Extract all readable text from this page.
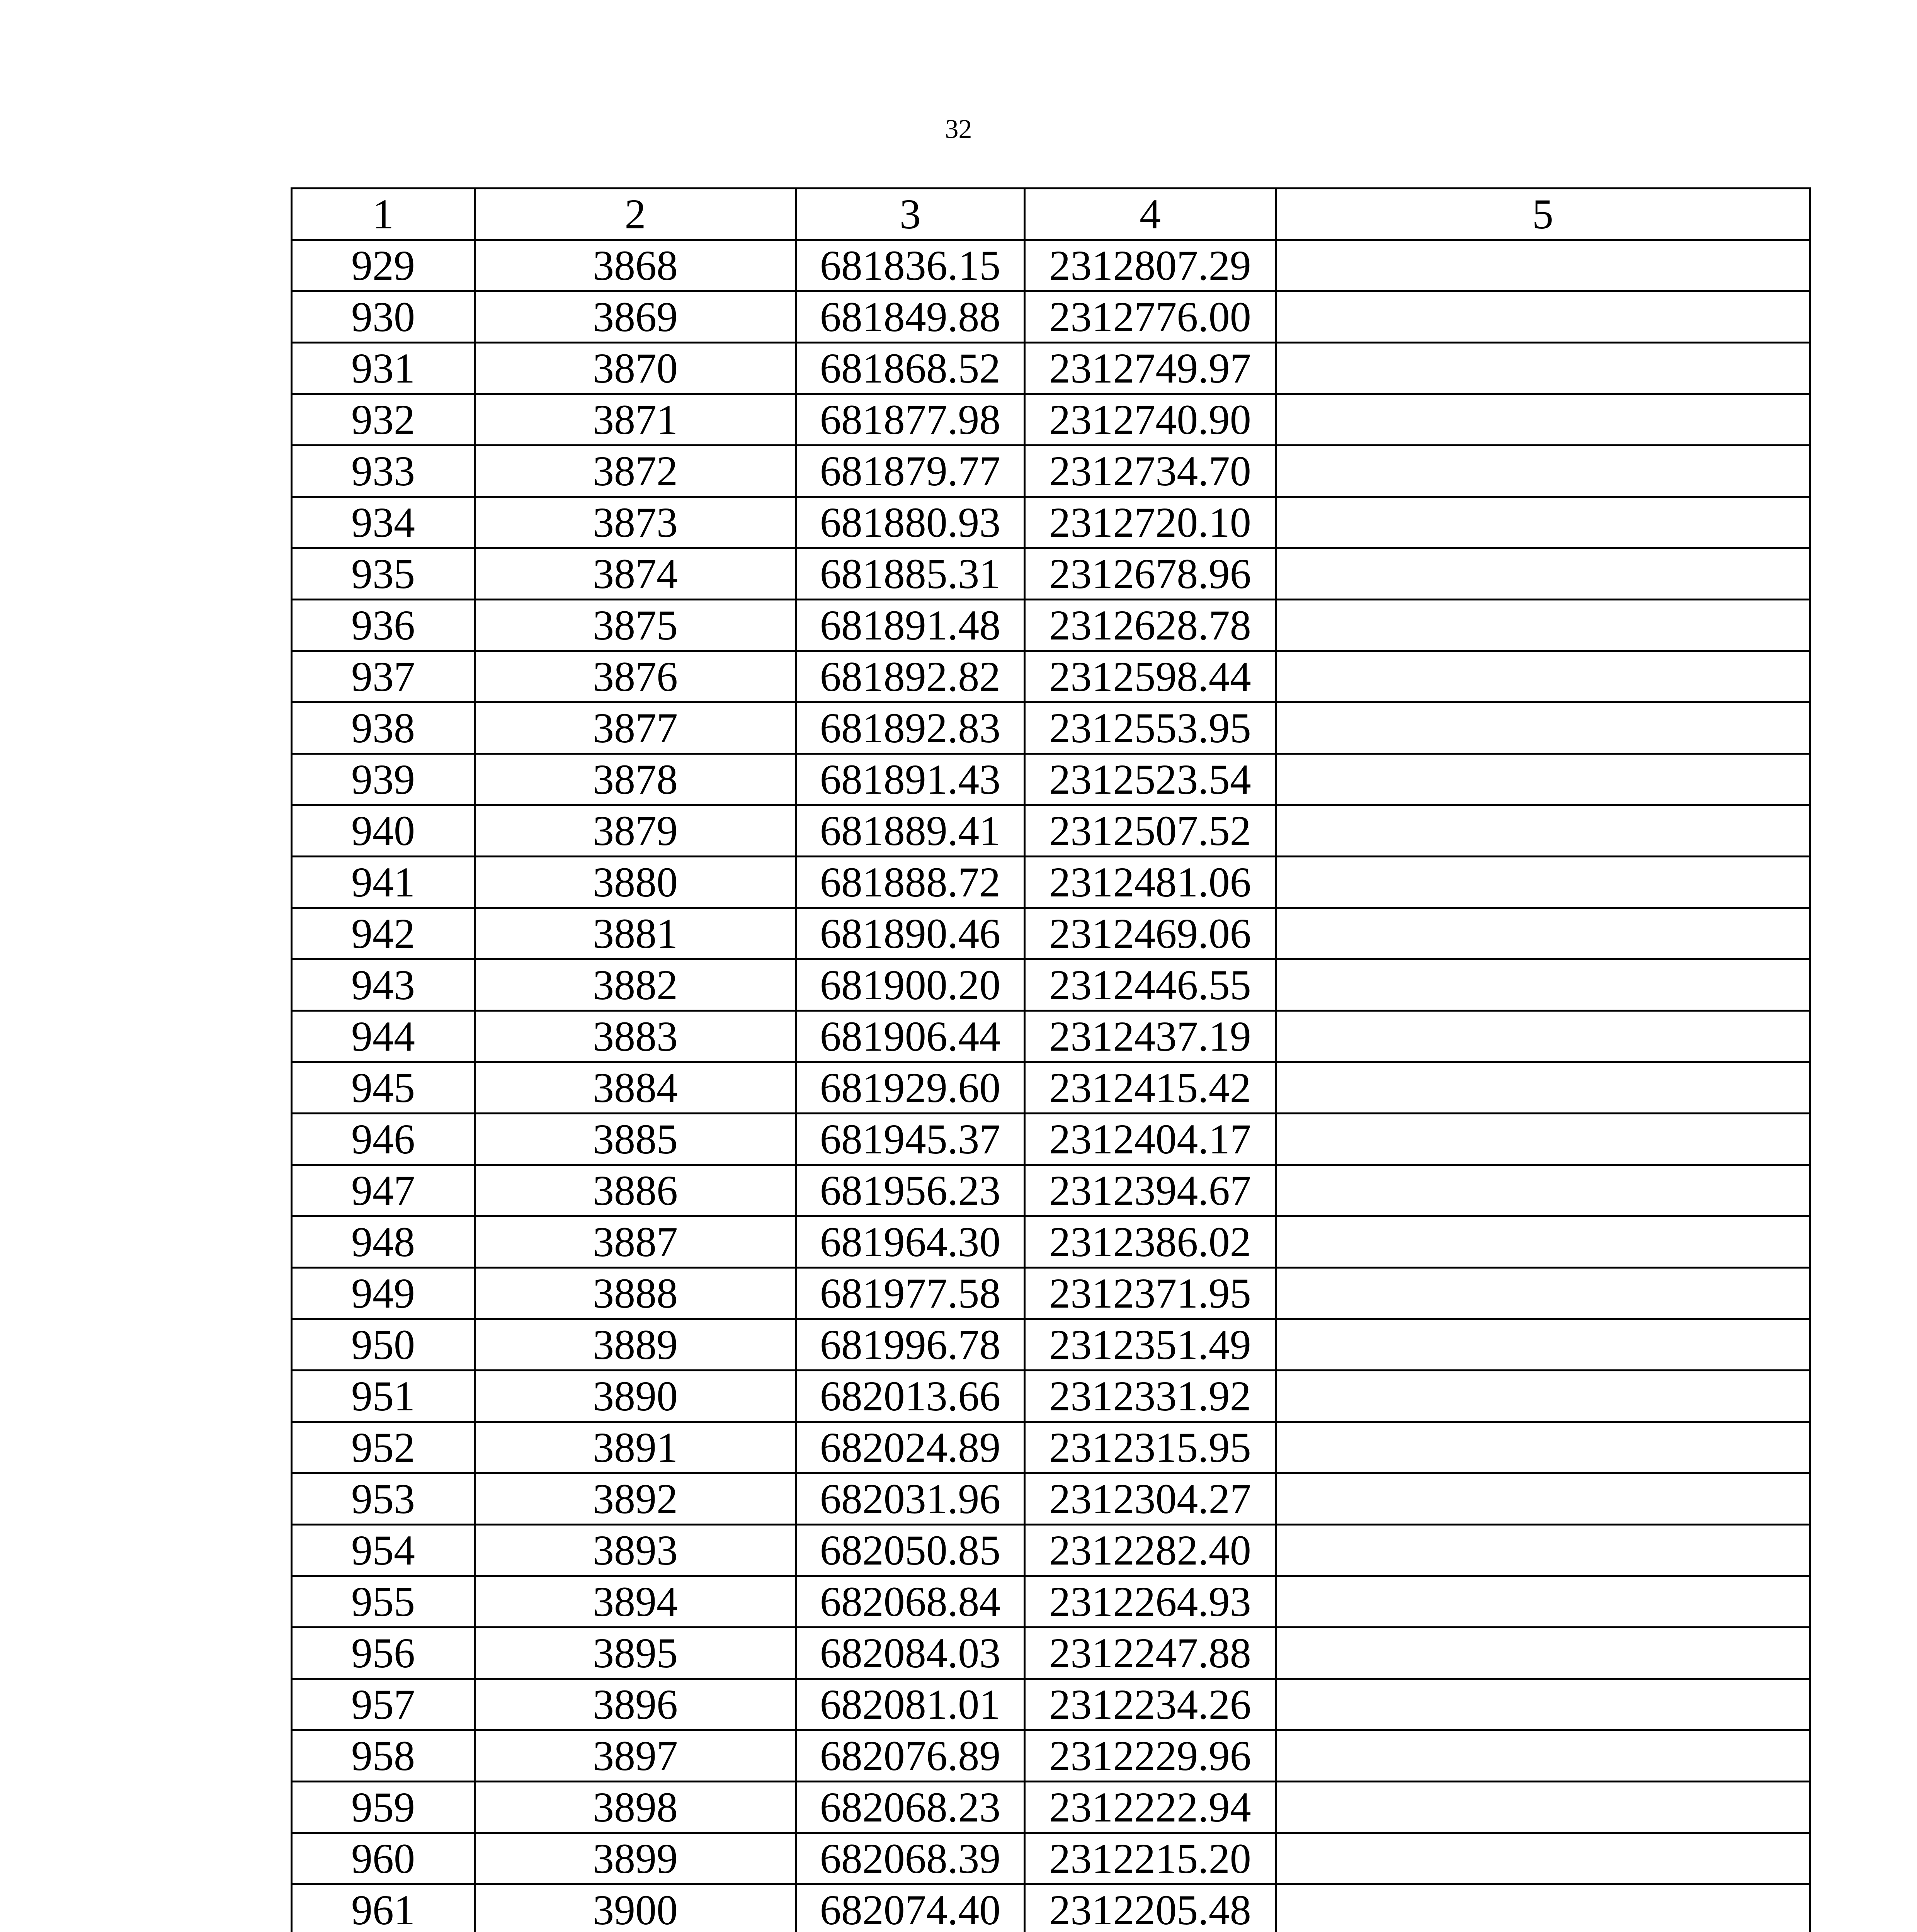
32
1	2	3	4	5
929	3868	681836.15	2312807.29	
930	3869	681849.88	2312776.00	
931	3870	681868.52	2312749.97	
932	3871	681877.98	2312740.90	
933	3872	681879.77	2312734.70	
934	3873	681880.93	2312720.10	
935	3874	681885.31	2312678.96	
936	3875	681891.48	2312628.78	
937	3876	681892.82	2312598.44	
938	3877	681892.83	2312553.95	
939	3878	681891.43	2312523.54	
940	3879	681889.41	2312507.52	
941	3880	681888.72	2312481.06	
942	3881	681890.46	2312469.06	
943	3882	681900.20	2312446.55	
944	3883	681906.44	2312437.19	
945	3884	681929.60	2312415.42	
946	3885	681945.37	2312404.17	
947	3886	681956.23	2312394.67	
948	3887	681964.30	2312386.02	
949	3888	681977.58	2312371.95	
950	3889	681996.78	2312351.49	
951	3890	682013.66	2312331.92	
952	3891	682024.89	2312315.95	
953	3892	682031.96	2312304.27	
954	3893	682050.85	2312282.40	
955	3894	682068.84	2312264.93	
956	3895	682084.03	2312247.88	
957	3896	682081.01	2312234.26	
958	3897	682076.89	2312229.96	
959	3898	682068.23	2312222.94	
960	3899	682068.39	2312215.20	
961	3900	682074.40	2312205.48	
